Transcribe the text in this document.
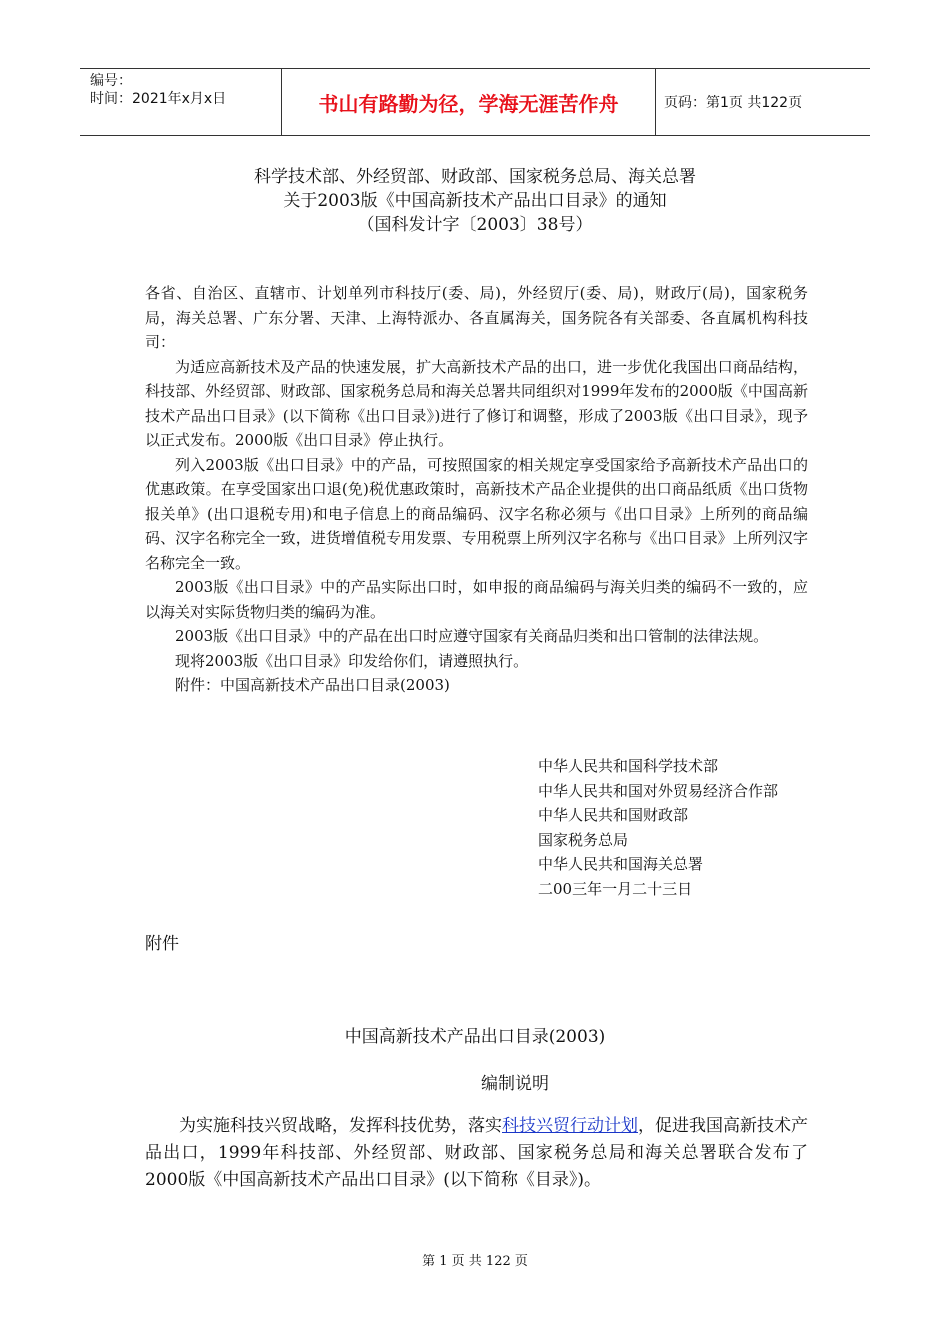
编号：
时间：2021年x月x日	书山有路勤为径，学海无涯苦作舟	页码：第1页 共122页
科学技术部、外经贸部、财政部、国家税务总局、海关总署
关于2003版《中国高新技术产品出口目录》的通知
（国科发计字〔2003〕38号）

各省、自治区、直辖市、计划单列市科技厅(委、局)，外经贸厅(委、局)，财政厅(局)，国家税务局，海关总署、广东分署、天津、上海特派办、各直属海关，国务院各有关部委、各直属机构科技司：

为适应高新技术及产品的快速发展，扩大高新技术产品的出口，进一步优化我国出口商品结构，科技部、外经贸部、财政部、国家税务总局和海关总署共同组织对1999年发布的2000版《中国高新技术产品出口目录》(以下简称《出口目录》)进行了修订和调整，形成了2003版《出口目录》，现予以正式发布。2000版《出口目录》停止执行。

列入2003版《出口目录》中的产品，可按照国家的相关规定享受国家给予高新技术产品出口的优惠政策。在享受国家出口退(免)税优惠政策时，高新技术产品企业提供的出口商品纸质《出口货物报关单》(出口退税专用)和电子信息上的商品编码、汉字名称必须与《出口目录》上所列的商品编码、汉字名称完全一致，进货增值税专用发票、专用税票上所列汉字名称与《出口目录》上所列汉字名称完全一致。

2003版《出口目录》中的产品实际出口时，如申报的商品编码与海关归类的编码不一致的，应以海关对实际货物归类的编码为准。

2003版《出口目录》中的产品在出口时应遵守国家有关商品归类和出口管制的法律法规。

现将2003版《出口目录》印发给你们，请遵照执行。

附件：中国高新技术产品出口目录(2003)

中华人民共和国科学技术部
中华人民共和国对外贸易经济合作部
中华人民共和国财政部
国家税务总局
中华人民共和国海关总署
二00三年一月二十三日
附件
中国高新技术产品出口目录(2003)
编制说明

为实施科技兴贸战略，发挥科技优势，落实科技兴贸行动计划，促进我国高新技术产品出口，1999年科技部、外经贸部、财政部、国家税务总局和海关总署联合发布了2000版《中国高新技术产品出口目录》(以下简称《目录》)。

第 1 页 共 122 页
